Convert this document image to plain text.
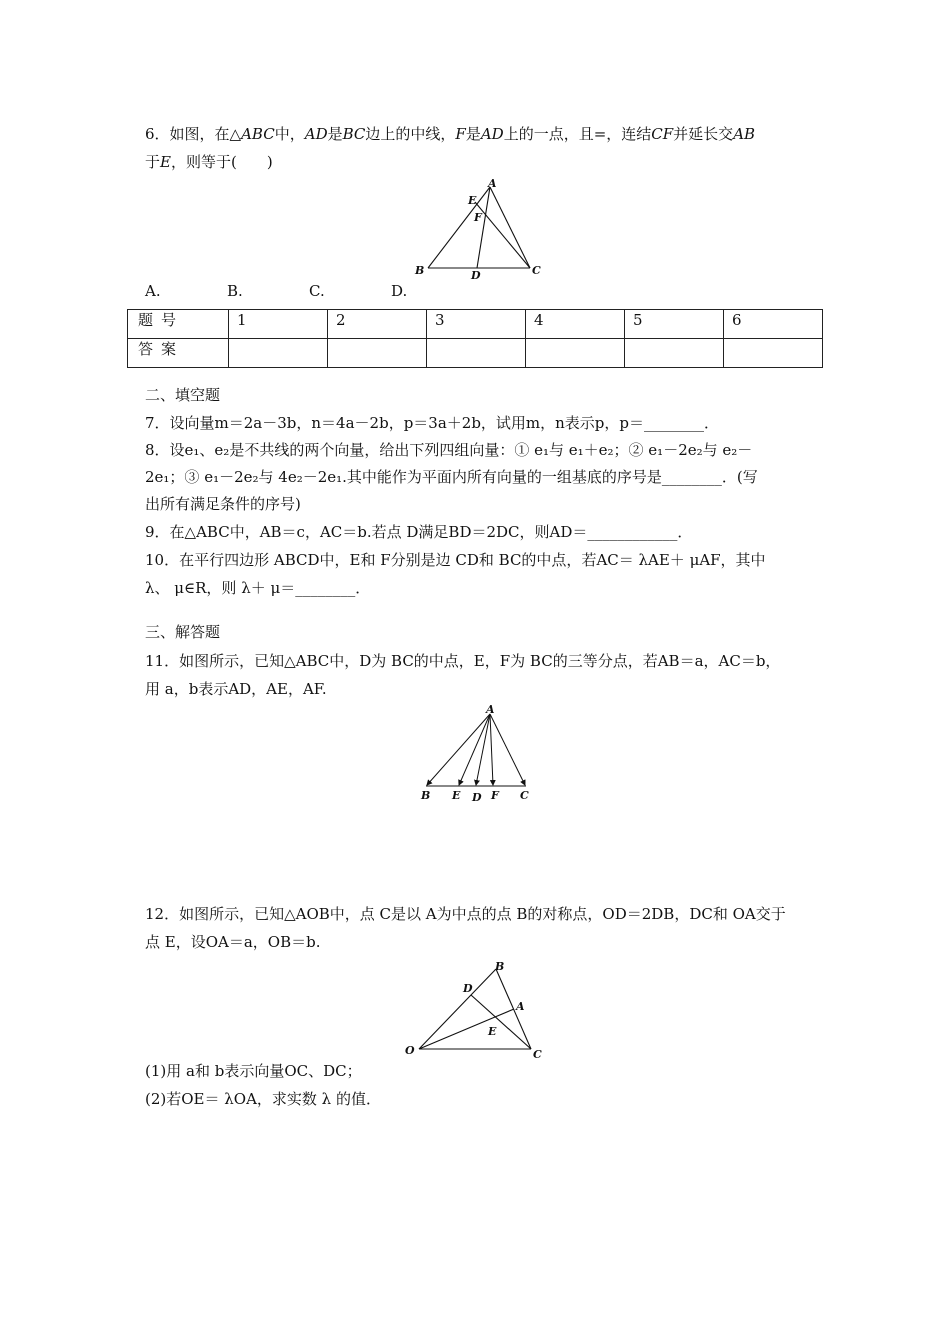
6．如图，在△ABC中，AD是BC边上的中线，F是AD上的一点，且=，连结CF并延长交AB
于E，则等于(　　)
A
E
F
B	D	C
A.	B.	C.	D.
题号	1	2	3	4	5	6
答案						
二、填空题
7．设向量m＝2a－3b，n＝4a－2b，p＝3a＋2b，试用m，n表示p，p＝________．
8．设e₁、e₂是不共线的两个向量，给出下列四组向量：① e₁与 e₁＋e₂；② e₁－2e₂与 e₂－
2e₁；③ e₁－2e₂与 4e₂－2e₁.其中能作为平面内所有向量的一组基底的序号是________．(写
出所有满足条件的序号)
9．在△ABC中，AB＝c，AC＝b.若点 D满足BD＝2DC，则AD＝____________．
10．在平行四边形 ABCD中，E和 F分别是边 CD和 BC的中点，若AC＝ λAE＋ μAF，其中
λ、 μ∈R，则 λ＋ μ＝________．
三、解答题
11．如图所示，已知△ABC中，D为 BC的中点，E，F为 BC的三等分点，若AB＝a，AC＝b，
用 a，b表示AD，AE，AF.
A
B E D F C
12．如图所示，已知△AOB中，点 C是以 A为中点的点 B的对称点，OD＝2DB，DC和 OA交于
点 E，设OA＝a，OB＝b.
B
D
A
E
O	C
(1)用 a和 b表示向量OC、DC；
(2)若OE＝ λOA，求实数 λ 的值．
